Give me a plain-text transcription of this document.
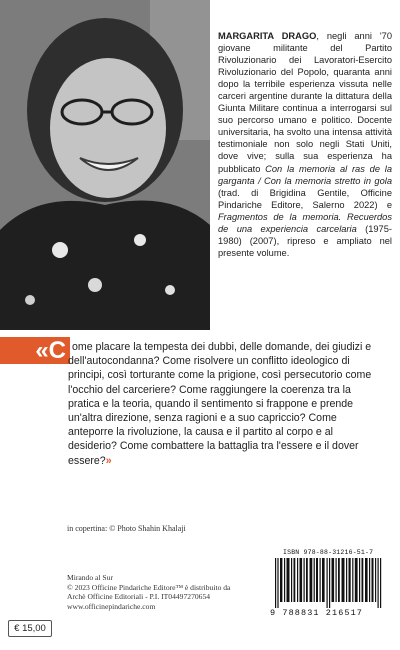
MARGARITA DRAGO, negli anni '70 giovane militante del Partito Rivoluzionario dei Lavoratori-Esercito Rivoluzionario del Popolo, quaranta anni dopo la terribile esperienza vissuta nelle carceri argentine durante la dittatura della Giunta Militare continua a interrogarsi sul suo percorso umano e politico. Docente universitaria, ha svolto una intensa attività testimoniale non solo negli Stati Uniti, dove vive; sulla sua esperienza ha pubblicato Con la memoria al ras de la garganta / Con la memoria stretto in gola (trad. di Brigidina Gentile, Officine Pindariche Editore, Salerno 2022) e Fragmentos de la memoria. Recuerdos de una experiencia carcelaria (1975-1980) (2007), ripreso e ampliato nel presente volume.

«C ome placare la tempesta dei dubbi, delle domande, dei giudizi e dell'autocondanna? Come risolvere un conflitto ideologico di principi, così torturante come la prigione, così persecutorio come l'occhio del carceriere? Come raggiungere la coerenza tra la pratica e la teoria, quando il sentimento si frappone e prende un'altra direzione, senza ragioni e a suo capriccio? Come anteporre la rivoluzione, la causa e il partito al corpo e al desiderio? Come combattere la battaglia tra l'essere e il dover essere?»

in copertina: © Photo Shahin Khalaji
Mirando al Sur
© 2023 Officine Pindariche Editore™ è distribuito da
Archè Officine Editoriali - P.I. IT04497270654
www.officinepindariche.com
ISBN 978-88-31216-51-7
9 788831 216517
€ 15,00
